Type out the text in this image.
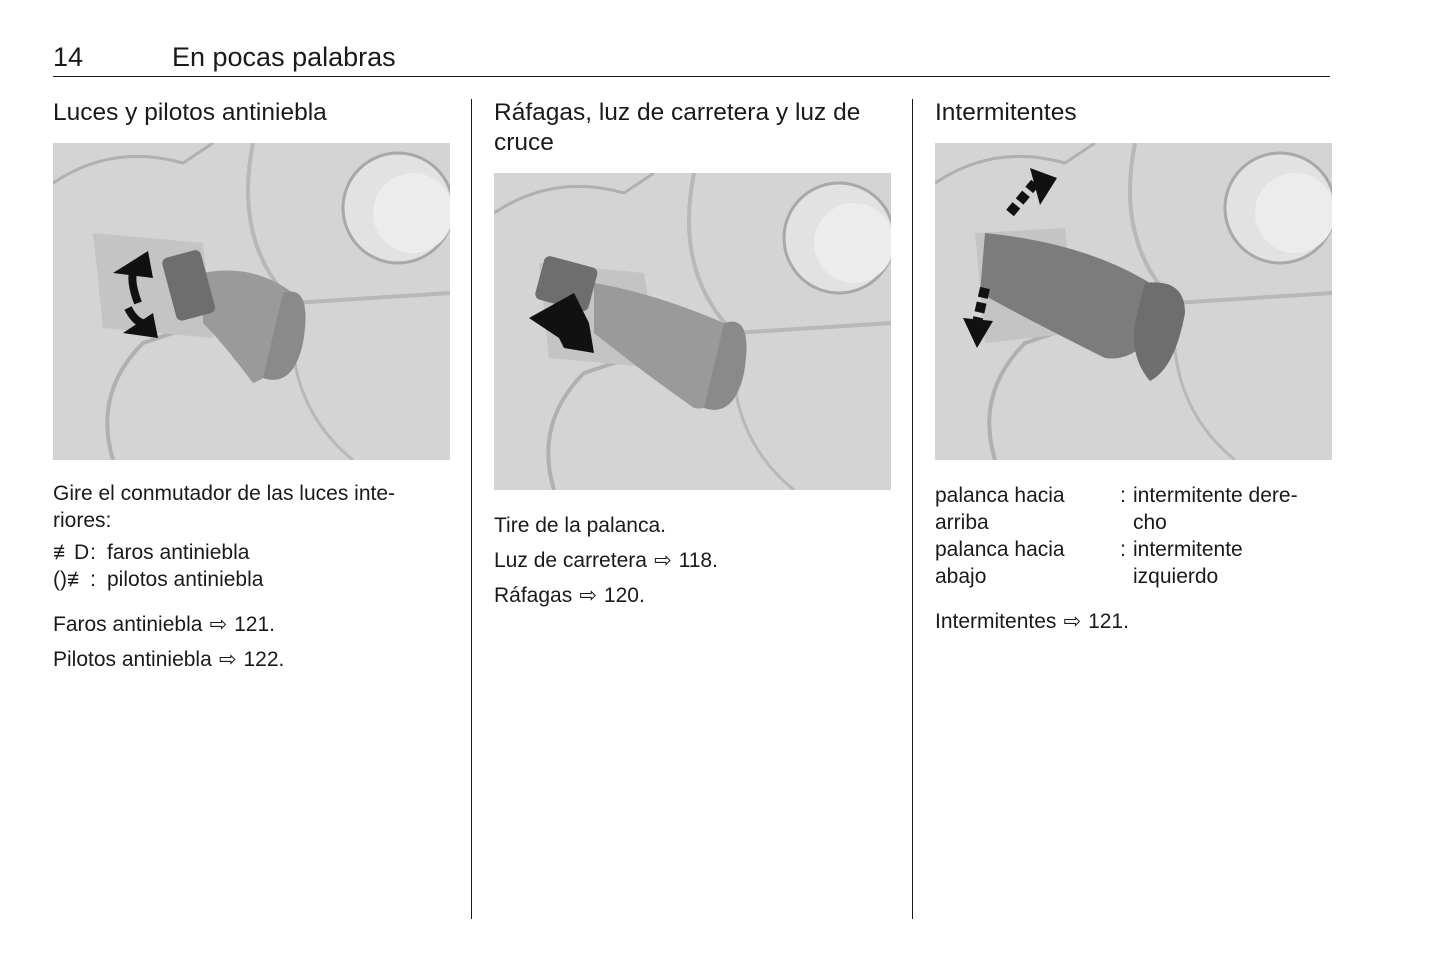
14	En pocas palabras
Luces y pilotos antiniebla

Gire el conmutador de las luces inte-

riores:

≢D : faros antiniebla
()≢ : pilotos antiniebla

Faros antiniebla ⇨ 121.

Pilotos antiniebla ⇨ 122.

Ráfagas, luz de carretera y luz de
cruce

Tire de la palanca.

Luz de carretera ⇨ 118.

Ráfagas ⇨ 120.

Intermitentes
palanca hacia	: intermitente dere-
arriba	cho
palanca hacia	: intermitente
abajo	izquierdo

Intermitentes ⇨ 121.
